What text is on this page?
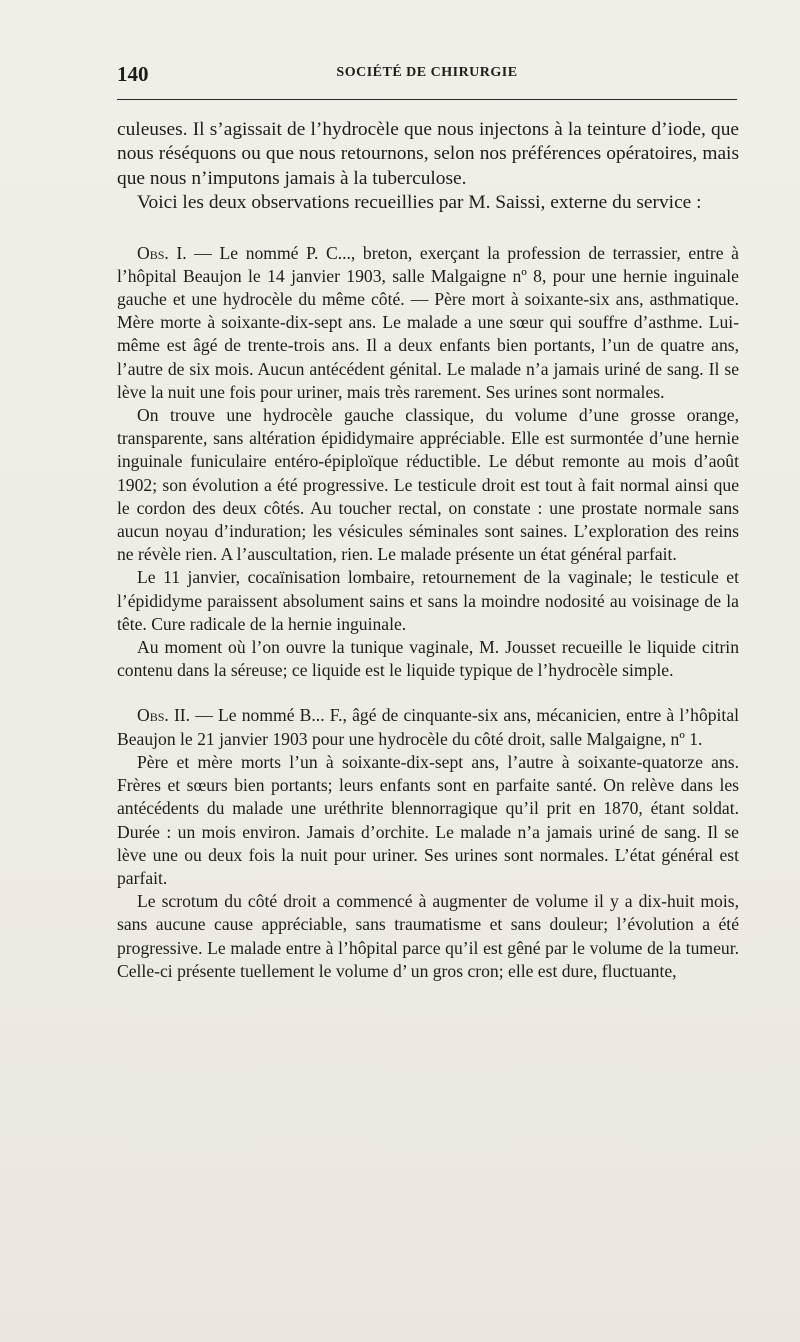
140	SOCIÉTÉ DE CHIRURGIE

culeuses. Il s’agissait de l’hydrocèle que nous injectons à la teinture d’iode, que nous réséquons ou que nous retournons, selon nos préférences opératoires, mais que nous n’imputons jamais à la tuberculose.

Voici les deux observations recueillies par M. Saissi, externe du service :

Obs. I. — Le nommé P. C..., breton, exerçant la profession de terrassier, entre à l’hôpital Beaujon le 14 janvier 1903, salle Malgaigne nº 8, pour une hernie inguinale gauche et une hydrocèle du même côté. — Père mort à soixante-six ans, asthmatique. Mère morte à soixante-dix-sept ans. Le malade a une sœur qui souffre d’asthme. Lui-même est âgé de trente-trois ans. Il a deux enfants bien portants, l’un de quatre ans, l’autre de six mois. Aucun antécédent génital. Le malade n’a jamais uriné de sang. Il se lève la nuit une fois pour uriner, mais très rarement. Ses urines sont normales.

On trouve une hydrocèle gauche classique, du volume d’une grosse orange, transparente, sans altération épididymaire appréciable. Elle est surmontée d’une hernie inguinale funiculaire entéro-épiploïque réductible. Le début remonte au mois d’août 1902; son évolution a été progressive. Le testicule droit est tout à fait normal ainsi que le cordon des deux côtés. Au toucher rectal, on constate : une prostate normale sans aucun noyau d’induration; les vésicules séminales sont saines. L’exploration des reins ne révèle rien. A l’auscultation, rien. Le malade présente un état général parfait.

Le 11 janvier, cocaïnisation lombaire, retournement de la vaginale; le testicule et l’épididyme paraissent absolument sains et sans la moindre nodosité au voisinage de la tête. Cure radicale de la hernie inguinale.

Au moment où l’on ouvre la tunique vaginale, M. Jousset recueille le liquide citrin contenu dans la séreuse; ce liquide est le liquide typique de l’hydrocèle simple.

Obs. II. — Le nommé B... F., âgé de cinquante-six ans, mécanicien, entre à l’hôpital Beaujon le 21 janvier 1903 pour une hydrocèle du côté droit, salle Malgaigne, nº 1.

Père et mère morts l’un à soixante-dix-sept ans, l’autre à soixante-quatorze ans. Frères et sœurs bien portants; leurs enfants sont en parfaite santé. On relève dans les antécédents du malade une uréthrite blennorragique qu’il prit en 1870, étant soldat. Durée : un mois environ. Jamais d’orchite. Le malade n’a jamais uriné de sang. Il se lève une ou deux fois la nuit pour uriner. Ses urines sont normales. L’état général est parfait.

Le scrotum du côté droit a commencé à augmenter de volume il y a dix-huit mois, sans aucune cause appréciable, sans traumatisme et sans douleur; l’évolution a été progressive. Le malade entre à l’hôpital parce qu’il est gêné par le volume de la tumeur. Celle-ci présente tuellement le volume d’ un gros cron; elle est dure, fluctuante,
